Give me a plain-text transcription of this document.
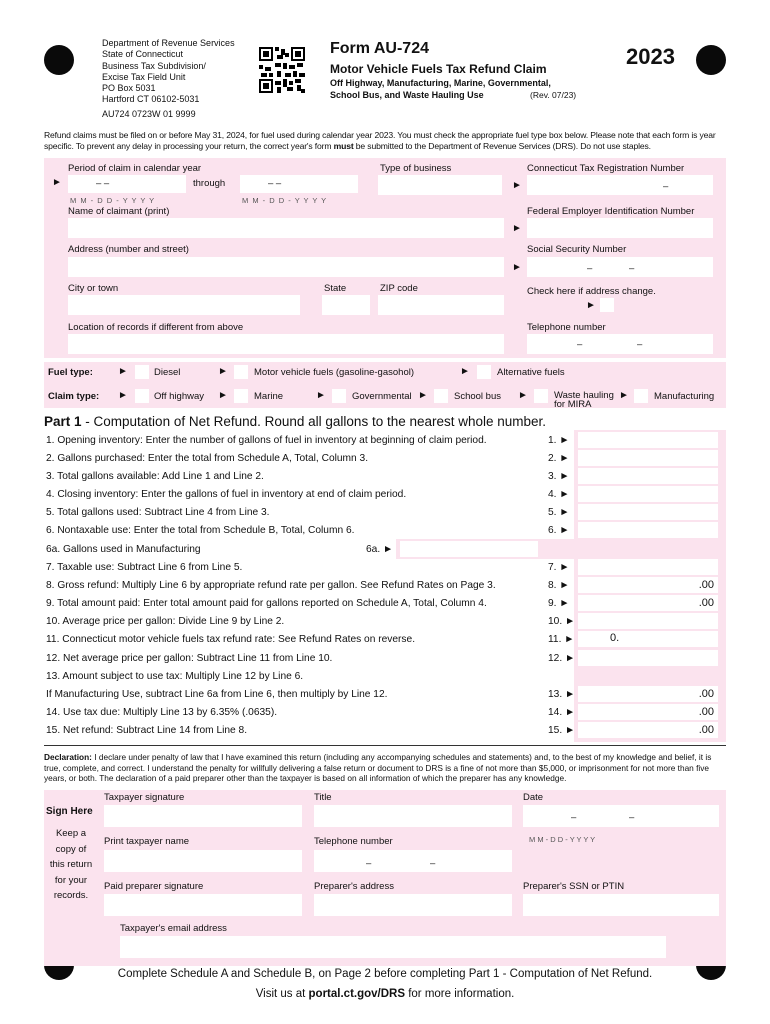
Department of Revenue Services
State of Connecticut
Business Tax Subdivision/
Excise Tax Field Unit
PO Box 5031
Hartford CT 06102-5031
AU724 0723W 01 9999
Form AU-724
Motor Vehicle Fuels Tax Refund Claim
Off Highway, Manufacturing, Marine, Governmental,
School Bus, and Waste Hauling Use	(Rev. 07/23)
2023
Refund claims must be filed on or before May 31, 2024, for fuel used during calendar year 2023. You must check the appropriate fuel type box below. Please note that each form is year specific. To prevent any delay in processing your return, the correct year's form must be submitted to the Department of Revenue Services (DRS). Do not use staples.
Period of claim in calendar year
►	– –	through	– –
M M - D D - Y Y Y Y	M M - D D - Y Y Y Y
Type of business
►
Connecticut Tax Registration Number
–
Name of claimant (print)
►
Federal Employer Identification Number
Address (number and street)
►
Social Security Number
–	–
City or town	State	ZIP code	Check here if address change.
►
Location of records if different from above	Telephone number
–	–
Fuel type:	►	Diesel	►	Motor vehicle fuels (gasoline-gasohol)	►	Alternative fuels
Claim type: ►	Off highway ►	Marine	►	Governmental ►	School bus ►	Waste hauling for MIRA
►	Manufacturing
Part 1 - Computation of Net Refund. Round all gallons to the nearest whole number.
1. Opening inventory: Enter the number of gallons of fuel in inventory at beginning of claim period.	1. ►
2. Gallons purchased: Enter the total from Schedule A, Total, Column 3.	2. ►
3. Total gallons available: Add Line 1 and Line 2.	3. ►
4. Closing inventory: Enter the gallons of fuel in inventory at end of claim period.	4. ►
5. Total gallons used: Subtract Line 4 from Line 3.	5. ►
6. Nontaxable use: Enter the total from Schedule B, Total, Column 6.	6. ►
6a. Gallons used in Manufacturing	6a. ►
7. Taxable use: Subtract Line 6 from Line 5.	7. ►
8. Gross refund: Multiply Line 6 by appropriate refund rate per gallon. See Refund Rates on Page 3.	8. ►	.00
9. Total amount paid: Enter total amount paid for gallons reported on Schedule A, Total, Column 4.	9. ►	.00
10. Average price per gallon: Divide Line 9 by Line 2.	10. ►
11. Connecticut motor vehicle fuels tax refund rate: See Refund Rates on reverse.	11. ►	0.
12. Net average price per gallon: Subtract Line 11 from Line 10.	12. ►
13. Amount subject to use tax: Multiply Line 12 by Line 6.
If Manufacturing Use, subtract Line 6a from Line 6, then multiply by Line 12.	13. ►	.00
14. Use tax due: Multiply Line 13 by 6.35% (.0635).	14. ►	.00
15. Net refund: Subtract Line 14 from Line 8.	15. ►	.00
Declaration: I declare under penalty of law that I have examined this return (including any accompanying schedules and statements) and, to the best of my knowledge and belief, it is true, complete, and correct. I understand the penalty for willfully delivering a false return or document to DRS is a fine of not more than $5,000, or imprisonment for not more than five years, or both. The declaration of a paid preparer other than the taxpayer is based on all information of which the preparer has any knowledge.
Sign Here
Keep a
copy of
this return
for your
records.
Taxpayer signature	Title	Date
–	–
M M - D D - Y Y Y Y
Print taxpayer name	Telephone number
–	–
Paid preparer signature	Preparer's address	Preparer's SSN or PTIN
Taxpayer's email address
Complete Schedule A and Schedule B, on Page 2 before completing Part 1 - Computation of Net Refund.
Visit us at portal.ct.gov/DRS for more information.
